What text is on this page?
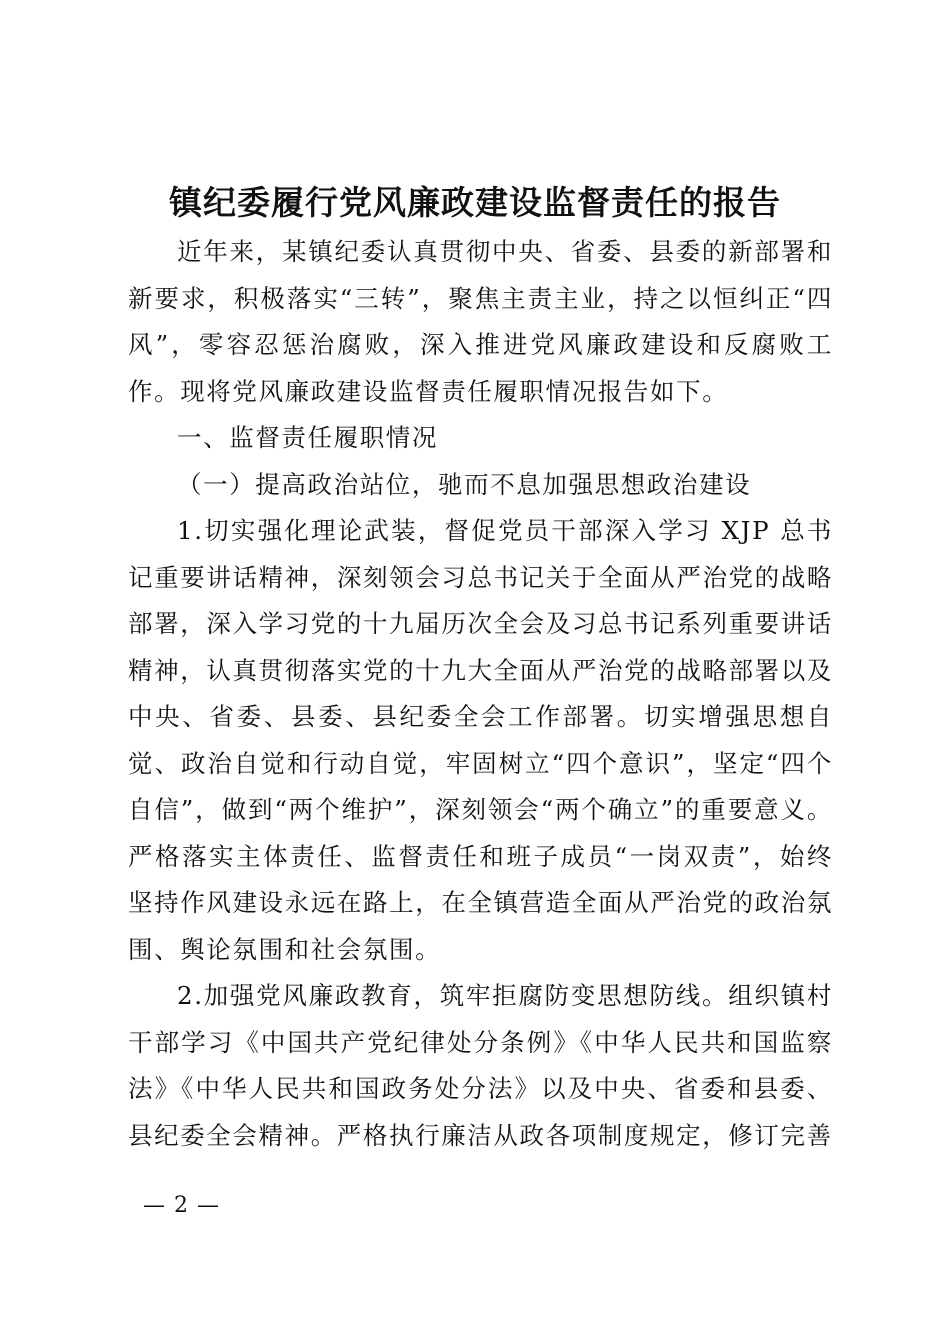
镇纪委履行党风廉政建设监督责任的报告

近年来，某镇纪委认真贯彻中央、省委、县委的新部署和新要求，积极落实“三转”，聚焦主责主业，持之以恒纠正“四风”，零容忍惩治腐败，深入推进党风廉政建设和反腐败工作。现将党风廉政建设监督责任履职情况报告如下。

一、监督责任履职情况

（一）提高政治站位，驰而不息加强思想政治建设

1.切实强化理论武装，督促党员干部深入学习 XJP 总书记重要讲话精神，深刻领会习总书记关于全面从严治党的战略部署，深入学习党的十九届历次全会及习总书记系列重要讲话精神，认真贯彻落实党的十九大全面从严治党的战略部署以及中央、省委、县委、县纪委全会工作部署。切实增强思想自觉、政治自觉和行动自觉，牢固树立“四个意识”，坚定“四个自信”，做到“两个维护”，深刻领会“两个确立”的重要意义。严格落实主体责任、监督责任和班子成员“一岗双责”，始终坚持作风建设永远在路上，在全镇营造全面从严治党的政治氛围、舆论氛围和社会氛围。

2.加强党风廉政教育，筑牢拒腐防变思想防线。组织镇村干部学习《中国共产党纪律处分条例》《中华人民共和国监察法》《中华人民共和国政务处分法》以及中央、省委和县委、县纪委全会精神。严格执行廉洁从政各项制度规定，修订完善

— 2 —
